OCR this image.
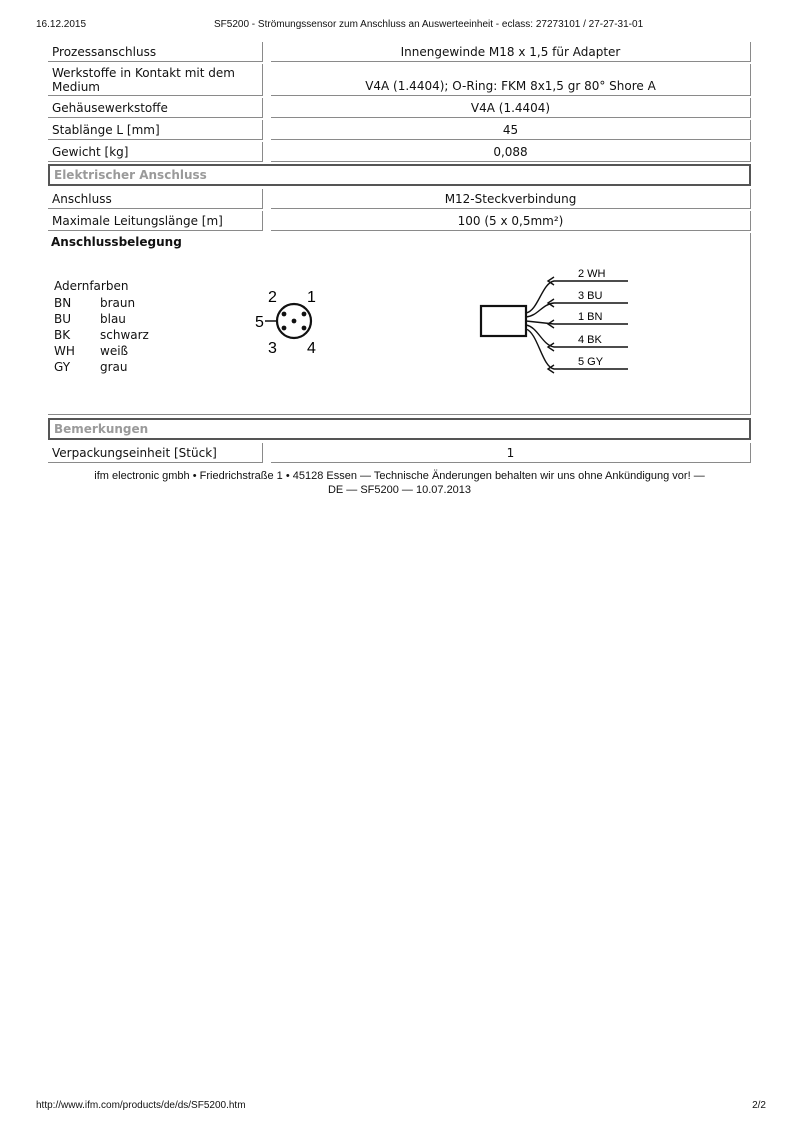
16.12.2015	SF5200 - Strömungssensor zum Anschluss an Auswerteeinheit - eclass: 27273101 / 27-27-31-01
Prozessanschluss	Innengewinde M18 x 1,5 für Adapter
Werkstoffe in Kontakt mit dem Medium	V4A (1.4404); O-Ring: FKM 8x1,5 gr 80° Shore A
Gehäusewerkstoffe	V4A (1.4404)
Stablänge L [mm]	45
Gewicht [kg]	0,088
Elektrischer Anschluss
Anschluss	M12-Steckverbindung
Maximale Leitungslänge [m]	100 (5 x 0,5mm²)
Anschlussbelegung
Adernfarben
BN	braun
BU	blau
BK	schwarz
WH	weiß
GY	grau
2 1
5
3 4
2 WH
3 BU
1 BN
4 BK
5 GY
Bemerkungen
Verpackungseinheit [Stück]	1
ifm electronic gmbh • Friedrichstraße 1 • 45128 Essen — Technische Änderungen behalten wir uns ohne Ankündigung vor! —
DE — SF5200 — 10.07.2013
http://www.ifm.com/products/de/ds/SF5200.htm	2/2
